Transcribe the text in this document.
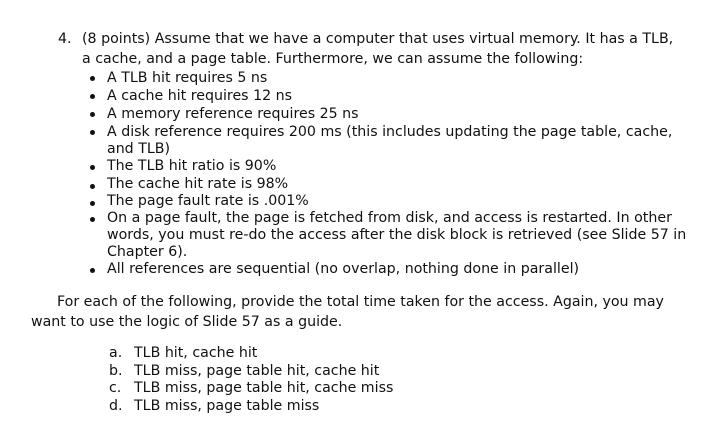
4. (8 points) Assume that we have a computer that uses virtual memory. It has a TLB,
a cache, and a page table. Furthermore, we can assume the following:
A TLB hit requires 5 ns
A cache hit requires 12 ns
A memory reference requires 25 ns
A disk reference requires 200 ms (this includes updating the page table, cache,
and TLB)
The TLB hit ratio is 90%
The cache hit rate is 98%
The page fault rate is .001%
On a page fault, the page is fetched from disk, and access is restarted. In other
words, you must re-do the access after the disk block is retrieved (see Slide 57 in
Chapter 6).
All references are sequential (no overlap, nothing done in parallel)
For each of the following, provide the total time taken for the access. Again, you may
want to use the logic of Slide 57 as a guide.
a. TLB hit, cache hit
b. TLB miss, page table hit, cache hit
c. TLB miss, page table hit, cache miss
d. TLB miss, page table miss
